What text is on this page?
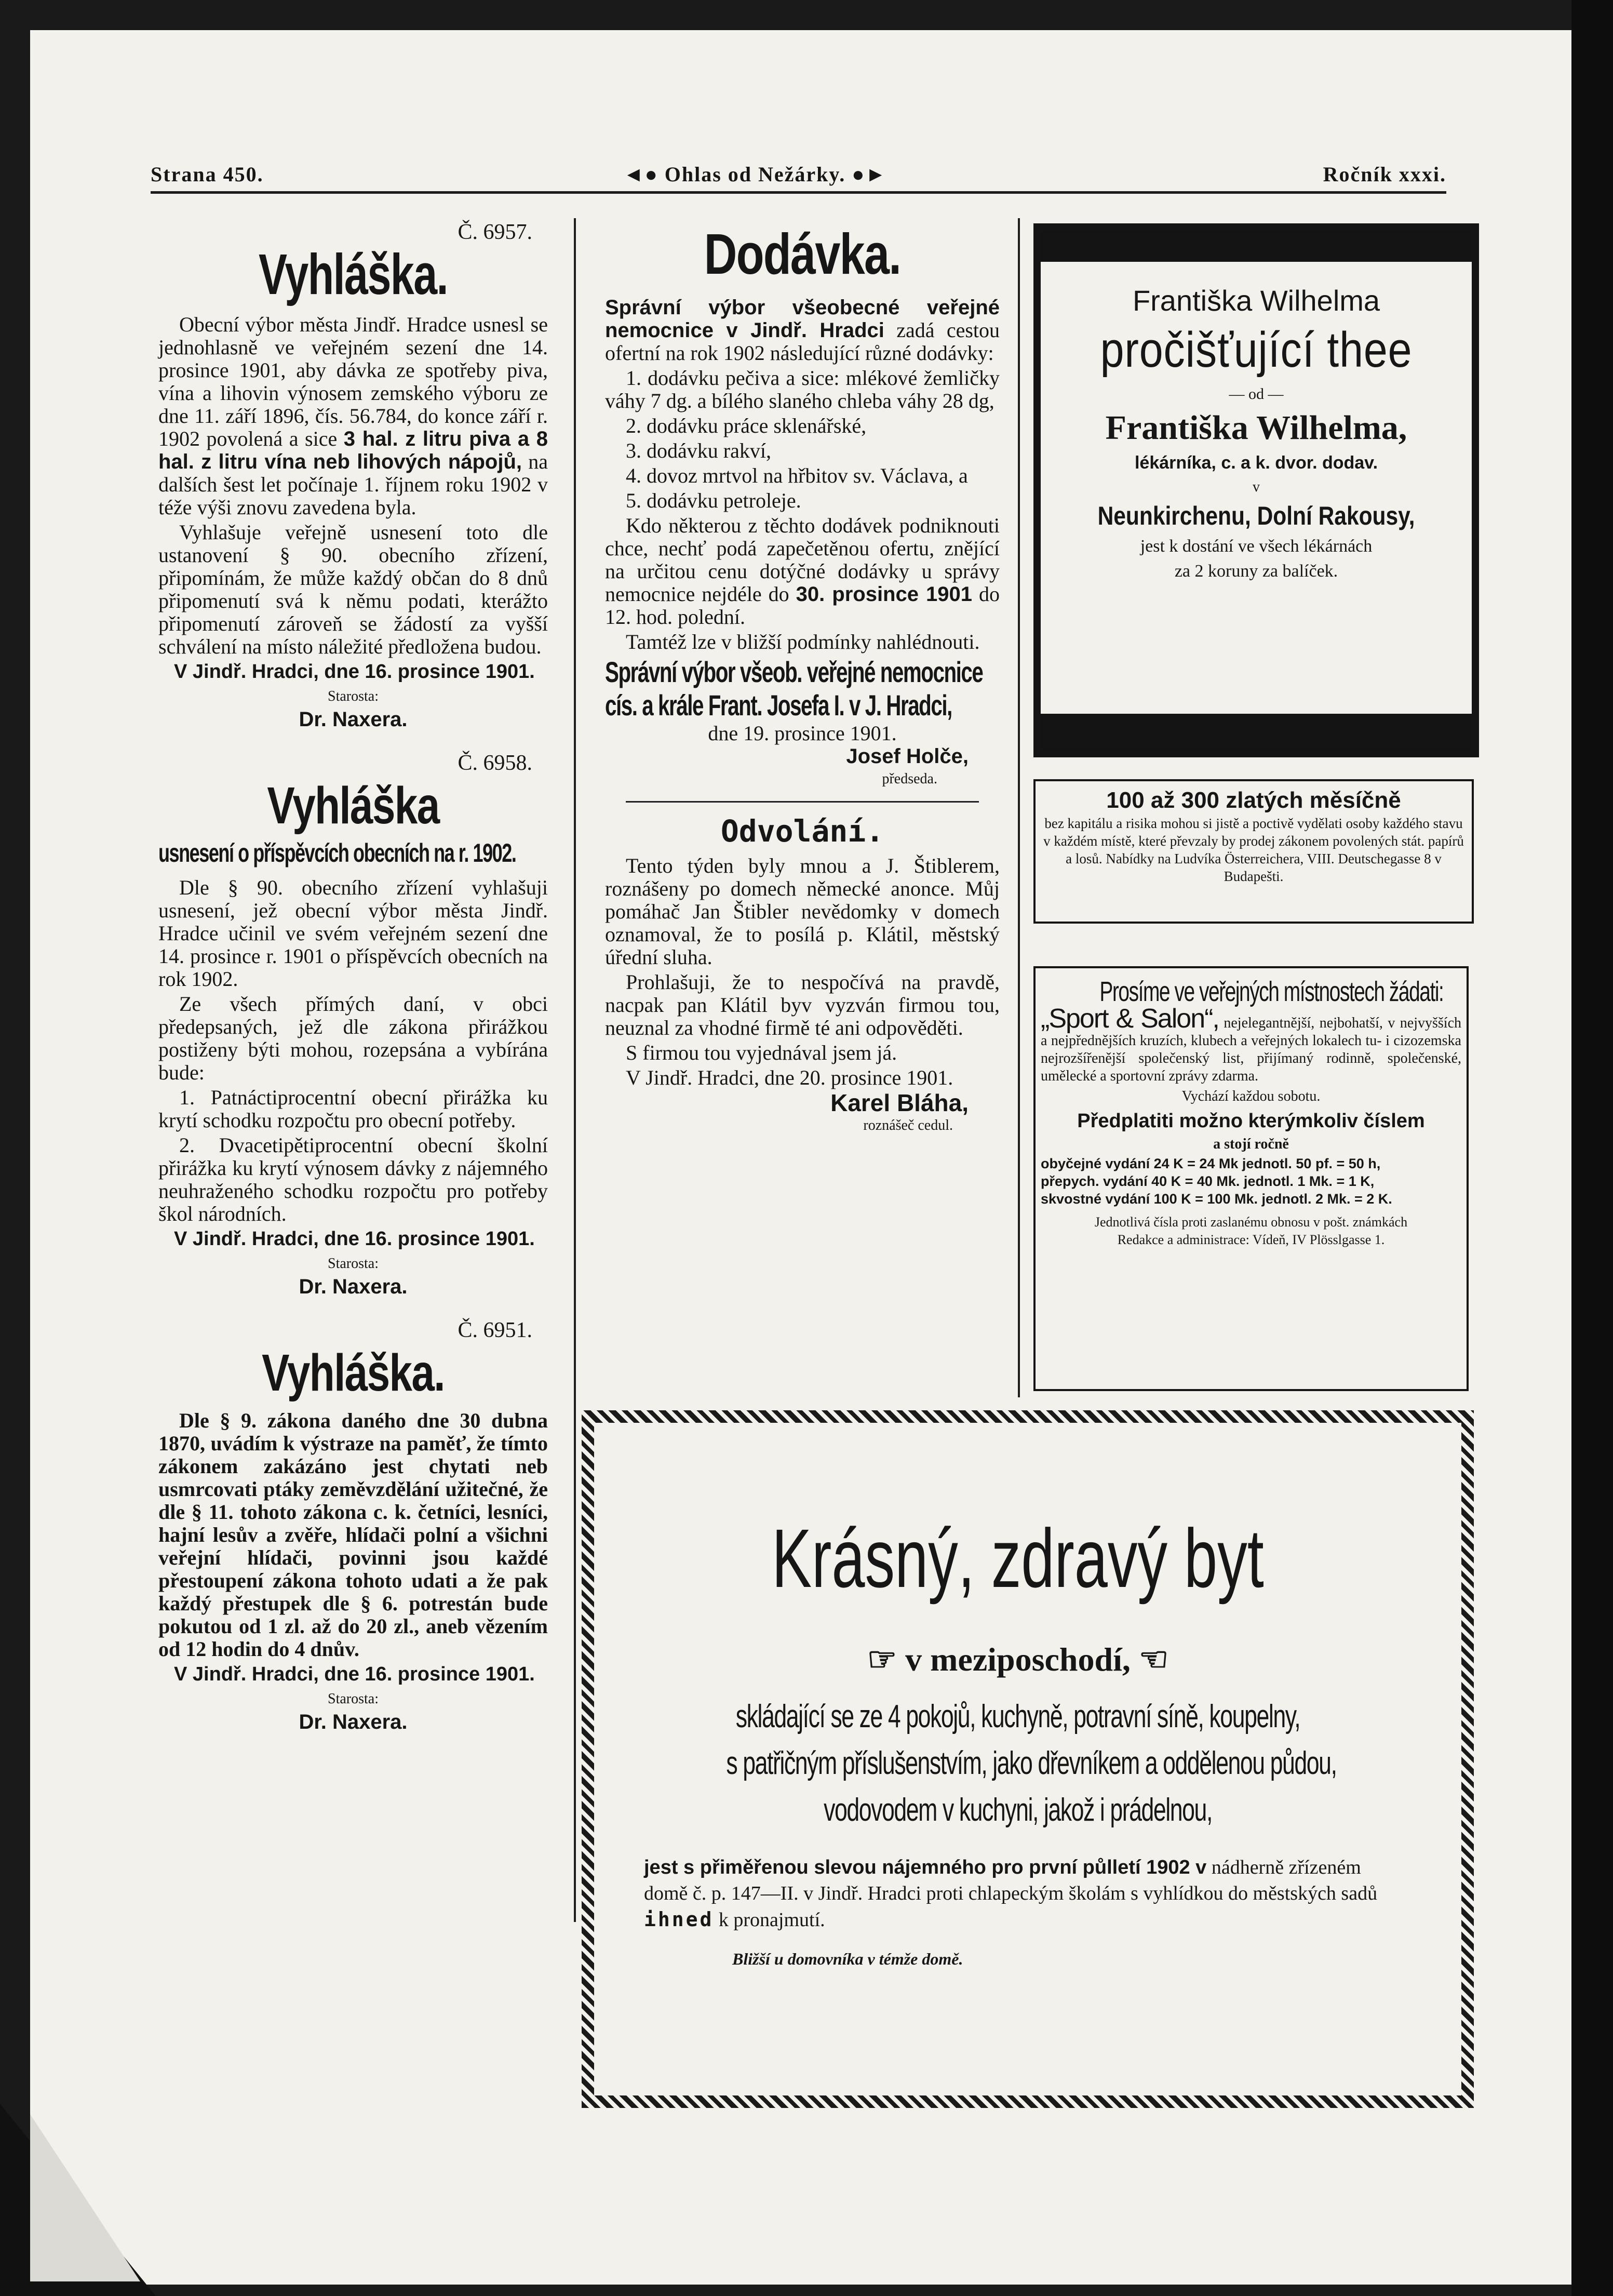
Strana 450.	◄● Ohlas od Nežárky. ●►	Ročník xxxi.
Č. 6957.
Vyhláška.

Obecní výbor města Jindř. Hradce usnesl se jednohlasně ve veřejném sezení dne 14. prosince 1901, aby dávka ze spotřeby piva, vína a lihovin výnosem zemského výboru ze dne 11. září 1896, čís. 56.784, do konce září r. 1902 povolená a sice 3 hal. z litru piva a 8 hal. z litru vína neb lihových nápojů, na dalších šest let počínaje 1. říjnem roku 1902 v téže výši znovu zavedena byla.

Vyhlašuje veřejně usnesení toto dle ustanovení § 90. obecního zřízení, připomínám, že může každý občan do 8 dnů připomenutí svá k němu podati, kterážto připomenutí zároveň se žádostí za vyšší schválení na místo náležité předložena budou.

V Jindř. Hradci, dne 16. prosince 1901.

Starosta:
Dr. Naxera.
Č. 6958.
Vyhláška
usnesení o příspěvcích obecních na r. 1902.

Dle § 90. obecního zřízení vyhlašuji usnesení, jež obecní výbor města Jindř. Hradce učinil ve svém veřejném sezení dne 14. prosince r. 1901 o příspěvcích obecních na rok 1902.

Ze všech přímých daní, v obci předepsaných, jež dle zákona přirážkou postiženy býti mohou, rozepsána a vybírána bude:

1. Patnáctiprocentní obecní přirážka ku krytí schodku rozpočtu pro obecní potřeby.

2. Dvacetipětiprocentní obecní školní přirážka ku krytí výnosem dávky z nájemného neuhraženého schodku rozpočtu pro potřeby škol národních.

V Jindř. Hradci, dne 16. prosince 1901.

Starosta:
Dr. Naxera.
Č. 6951.
Vyhláška.

Dle § 9. zákona daného dne 30 dubna 1870, uvádím k výstraze na paměť, že tímto zákonem zakázáno jest chytati neb usmrcovati ptáky zeměvzdělání užitečné, že dle § 11. tohoto zákona c. k. četníci, lesníci, hajní lesův a zvěře, hlídači polní a všichni veřejní hlídači, povinni jsou každé přestoupení zákona tohoto udati a že pak každý přestupek dle § 6. potrestán bude pokutou od 1 zl. až do 20 zl., aneb vězením od 12 hodin do 4 dnův.

V Jindř. Hradci, dne 16. prosince 1901.

Starosta:
Dr. Naxera.
Dodávka.

Správní výbor všeobecné veřejné nemocnice v Jindř. Hradci zadá cestou ofertní na rok 1902 následující různé dodávky:

1. dodávku pečiva a sice: mlékové žemličky váhy 7 dg. a bílého slaného chleba váhy 28 dg,

2. dodávku práce sklenářské,

3. dodávku rakví,

4. dovoz mrtvol na hřbitov sv. Václava, a

5. dodávku petroleje.

Kdo některou z těchto dodávek podniknouti chce, nechť podá zapečetěnou ofertu, znějící na určitou cenu dotýčné dodávky u správy nemocnice nejdéle do 30. prosince 1901 do 12. hod. polední.

Tamtéž lze v bližší podmínky nahlédnouti.

Správní výbor všeob. veřejné nemocnice
cís. a krále Frant. Josefa I. v J. Hradci,
dne 19. prosince 1901.
Josef Holče,
předseda.
Odvolání.

Tento týden byly mnou a J. Štiblerem, roznášeny po domech německé anonce. Můj pomáhač Jan Štibler nevědomky v domech oznamoval, že to posílá p. Klátil, městský úřední sluha.

Prohlašuji, že to nespočívá na pravdě, nacpak pan Klátil byv vyzván firmou tou, neuznal za vhodné firmě té ani odpověděti.

S firmou tou vyjednával jsem já.

V Jindř. Hradci, dne 20. prosince 1901.

Karel Bláha,
roznášeč cedul.
Františka Wilhelma
pročišťující thee
— od —
Františka Wilhelma,
lékárníka, c. a k. dvor. dodav.
v
Neunkirchenu, Dolní Rakousy,
jest k dostání ve všech lékárnách
za 2 koruny za balíček.
100 až 300 zlatých měsíčně
bez kapitálu a risika mohou si jistě a poctivě vydělati osoby každého stavu v každém místě, které převzaly by prodej zákonem povolených stát. papírů a losů. Nabídky na Ludvíka Österreichera, VIII. Deutschegasse 8 v Budapešti.
Prosíme ve veřejných místnostech žádati:
„Sport & Salon“, nejelegantnější, nejbohatší, v nejvyšších a nejpřednějších kruzích, klubech a veřejných lokalech tu- i cizozemska nejrozšířenější společenský list, přijímaný rodinně, společenské, umělecké a sportovní zprávy zdarma.
Vychází každou sobotu.
Předplatiti možno kterýmkoliv číslem
a stojí ročně
obyčejné vydání 24 K = 24 Mk jednotl. 50 pf. = 50 h,
přepych. vydání 40 K = 40 Mk. jednotl. 1 Mk. = 1 K,
skvostné vydání 100 K = 100 Mk. jednotl. 2 Mk. = 2 K.
Jednotlivá čísla proti zaslanému obnosu v pošt. známkách
Redakce a administrace: Vídeň, IV Plösslgasse 1.
Krásný, zdravý byt
☞ v meziposchodí, ☜
skládající se ze 4 pokojů, kuchyně, potravní síně, koupelny,
s patřičným příslušenstvím, jako dřevníkem a oddělenou půdou,
vodovodem v kuchyni, jakož i prádelnou,
jest s přiměřenou slevou nájemného pro první půlletí 1902 v nádherně zřízeném domě č. p. 147—II. v Jindř. Hradci proti chlapeckým školám s vyhlídkou do městských sadů ihned k pronajmutí.
Bližší u domovníka v témže domě.
